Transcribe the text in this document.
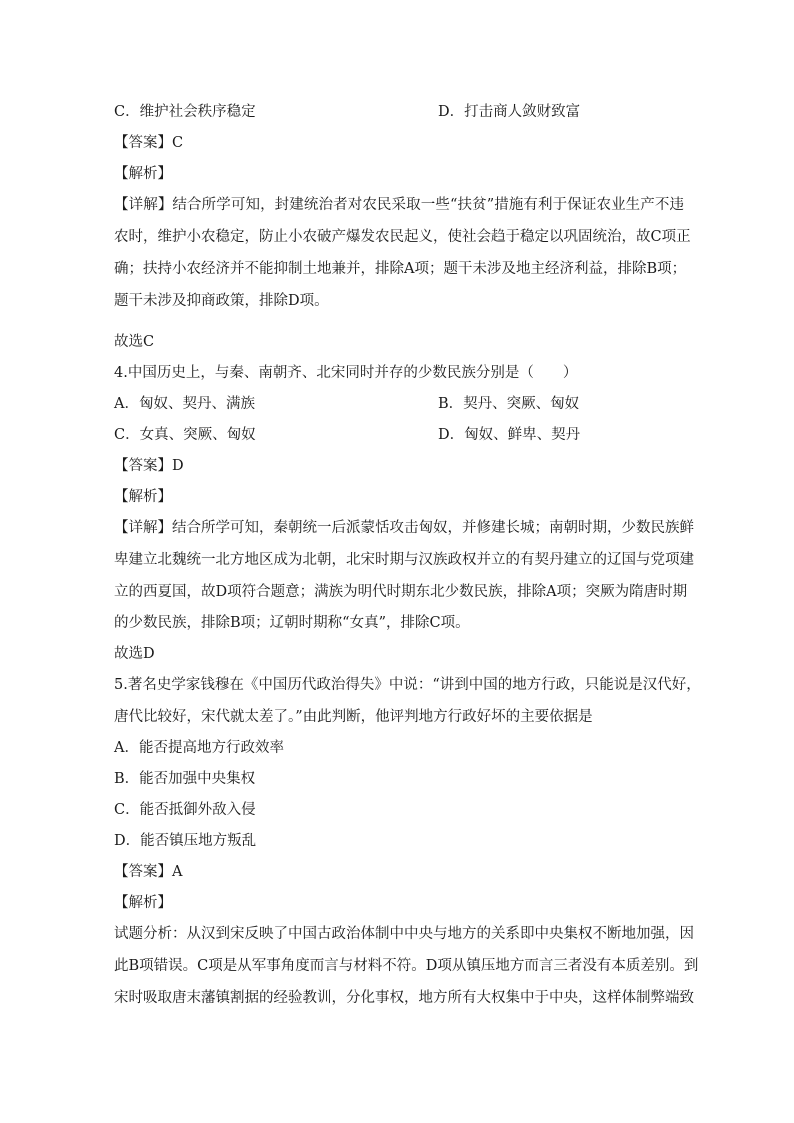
C．维护社会秩序稳定	D．打击商人敛财致富
【答案】C
【解析】
【详解】结合所学可知，封建统治者对农民采取一些“扶贫”措施有利于保证农业生产不违
农时，维护小农稳定，防止小农破产爆发农民起义，使社会趋于稳定以巩固统治，故C项正
确；扶持小农经济并不能抑制土地兼并，排除A项；题干未涉及地主经济利益，排除B项；
题干未涉及抑商政策，排除D项。
故选C
4.中国历史上，与秦、南朝齐、北宋同时并存的少数民族分别是（　　）
A．匈奴、契丹、满族	B．契丹、突厥、匈奴
C．女真、突厥、匈奴	D．匈奴、鲜卑、契丹
【答案】D
【解析】
【详解】结合所学可知，秦朝统一后派蒙恬攻击匈奴，并修建长城；南朝时期，少数民族鲜
卑建立北魏统一北方地区成为北朝，北宋时期与汉族政权并立的有契丹建立的辽国与党项建
立的西夏国，故D项符合题意；满族为明代时期东北少数民族，排除A项；突厥为隋唐时期
的少数民族，排除B项；辽朝时期称“女真”，排除C项。
故选D
5.著名史学家钱穆在《中国历代政治得失》中说：“讲到中国的地方行政，只能说是汉代好，
唐代比较好，宋代就太差了。”由此判断，他评判地方行政好坏的主要依据是
A．能否提高地方行政效率
B．能否加强中央集权
C．能否抵御外敌入侵
D．能否镇压地方叛乱
【答案】A
【解析】
试题分析：从汉到宋反映了中国古政治体制中中央与地方的关系即中央集权不断地加强，因
此B项错误。C项是从军事角度而言与材料不符。D项从镇压地方而言三者没有本质差别。到
宋时吸取唐末藩镇割据的经验教训，分化事权，地方所有大权集中于中央，这样体制弊端致
